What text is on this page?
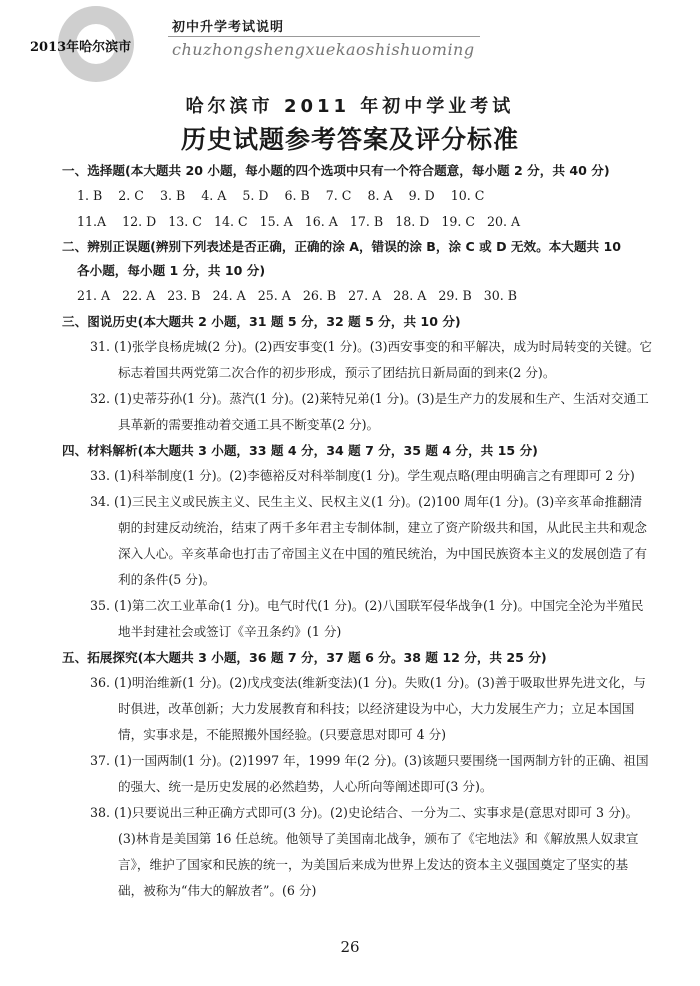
2013年哈尔滨市
初中升学考试说明
chuzhongshengxuekaoshishuoming
哈尔滨市 2011 年初中学业考试
历史试题参考答案及评分标准
一、选择题(本大题共 20 小题，每小题的四个选项中只有一个符合题意，每小题 2 分，共 40 分)
1. B    2. C    3. B    4. A    5. D    6. B    7. C    8. A    9. D    10. C
11.A    12. D   13. C   14. C   15. A   16. A   17. B   18. D   19. C   20. A
二、辨别正误题(辨别下列表述是否正确，正确的涂 A，错误的涂 B，涂 C 或 D 无效。本大题共 10
各小题，每小题 1 分，共 10 分)
21. A   22. A   23. B   24. A   25. A   26. B   27. A   28. A   29. B   30. B
三、图说历史(本大题共 2 小题，31 题 5 分，32 题 5 分，共 10 分)
31. (1)张学良杨虎城(2 分)。(2)西安事变(1 分)。(3)西安事变的和平解决，成为时局转变的关键。它标志着国共两党第二次合作的初步形成，预示了团结抗日新局面的到来(2 分)。
32. (1)史蒂芬孙(1 分)。蒸汽(1 分)。(2)莱特兄弟(1 分)。(3)是生产力的发展和生产、生活对交通工具革新的需要推动着交通工具不断变革(2 分)。
四、材料解析(本大题共 3 小题，33 题 4 分，34 题 7 分，35 题 4 分，共 15 分)
33. (1)科举制度(1 分)。(2)李德裕反对科举制度(1 分)。学生观点略(理由明确言之有理即可 2 分)
34. (1)三民主义或民族主义、民生主义、民权主义(1 分)。(2)100 周年(1 分)。(3)辛亥革命推翻清朝的封建反动统治，结束了两千多年君主专制体制，建立了资产阶级共和国，从此民主共和观念深入人心。辛亥革命也打击了帝国主义在中国的殖民统治，为中国民族资本主义的发展创造了有利的条件(5 分)。
35. (1)第二次工业革命(1 分)。电气时代(1 分)。(2)八国联军侵华战争(1 分)。中国完全沦为半殖民地半封建社会或签订《辛丑条约》(1 分)
五、拓展探究(本大题共 3 小题，36 题 7 分，37 题 6 分。38 题 12 分，共 25 分)
36. (1)明治维新(1 分)。(2)戊戌变法(维新变法)(1 分)。失败(1 分)。(3)善于吸取世界先进文化，与时俱进，改革创新；大力发展教育和科技；以经济建设为中心，大力发展生产力；立足本国国情，实事求是，不能照搬外国经验。(只要意思对即可 4 分)
37. (1)一国两制(1 分)。(2)1997 年，1999 年(2 分)。(3)该题只要围绕一国两制方针的正确、祖国的强大、统一是历史发展的必然趋势，人心所向等阐述即可(3 分)。
38. (1)只要说出三种正确方式即可(3 分)。(2)史论结合、一分为二、实事求是(意思对即可 3 分)。(3)林肯是美国第 16 任总统。他领导了美国南北战争，颁布了《宅地法》和《解放黑人奴隶宣言》，维护了国家和民族的统一，为美国后来成为世界上发达的资本主义强国奠定了坚实的基础，被称为“伟大的解放者”。(6 分)
26
